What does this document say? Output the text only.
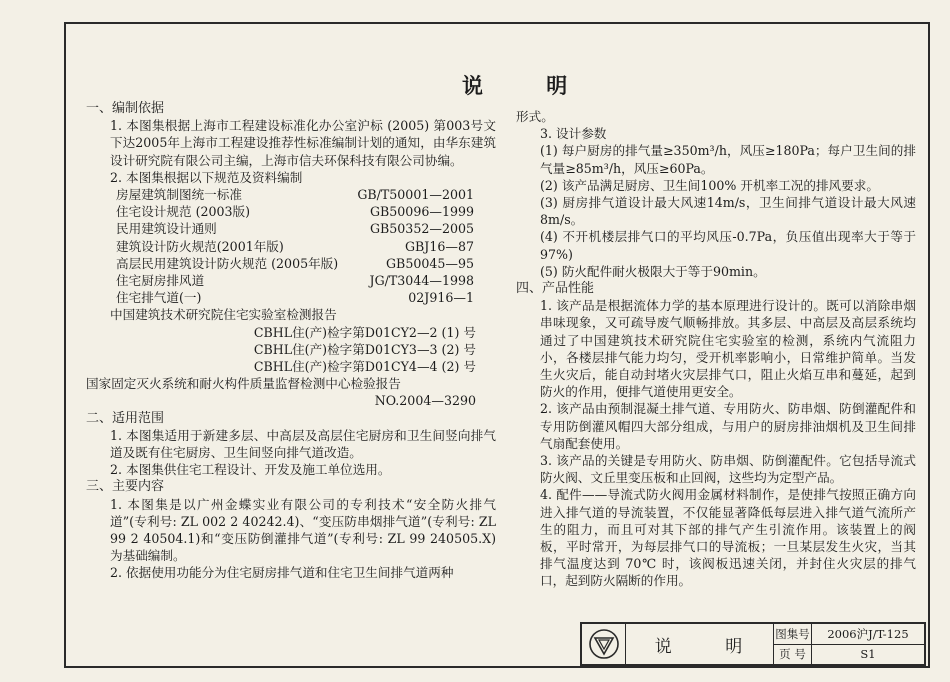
说 明
一、编制依据
1. 本图集根据上海市工程建设标准化办公室沪标 (2005) 第003号文下达2005年上海市工程建设推荐性标准编制计划的通知，由华东建筑设计研究院有限公司主编，上海市信夫环保科技有限公司协编。
2. 本图集根据以下规范及资料编制
房屋建筑制图统一标准	GB/T50001—2001
住宅设计规范 (2003版)	GB50096—1999
民用建筑设计通则	GB50352—2005
建筑设计防火规范(2001年版)	GBJ16—87
高层民用建筑设计防火规范 (2005年版)	GB50045—95
住宅厨房排风道	JG/T3044—1998
住宅排气道(一)	02J916—1
中国建筑技术研究院住宅实验室检测报告
CBHL住(产)检字第D01CY2—2 (1) 号
CBHL住(产)检字第D01CY3—3 (2) 号
CBHL住(产)检字第D01CY4—4 (2) 号
国家固定灭火系统和耐火构件质量监督检测中心检验报告
NO.2004—3290
二、适用范围
1. 本图集适用于新建多层、中高层及高层住宅厨房和卫生间竖向排气道及既有住宅厨房、卫生间竖向排气道改造。
2. 本图集供住宅工程设计、开发及施工单位选用。
三、主要内容
1. 本图集是以广州金蝶实业有限公司的专利技术“安全防火排气道”(专利号: ZL 002 2 40242.4)、“变压防串烟排气道”(专利号: ZL 99 2 40504.1)和“变压防倒灌排气道”(专利号: ZL 99 240505.X) 为基础编制。
2. 依据使用功能分为住宅厨房排气道和住宅卫生间排气道两种
形式。
3. 设计参数
(1) 每户厨房的排气量≥350m³/h，风压≥180Pa；每户卫生间的排气量≥85m³/h，风压≥60Pa。
(2) 该产品满足厨房、卫生间100% 开机率工况的排风要求。
(3) 厨房排气道设计最大风速14m/s，卫生间排气道设计最大风速8m/s。
(4) 不开机楼层排气口的平均风压-0.7Pa，负压值出现率大于等于97%)
(5) 防火配件耐火极限大于等于90min。
四、产品性能
1. 该产品是根据流体力学的基本原理进行设计的。既可以消除串烟串味现象，又可疏导废气顺畅排放。其多层、中高层及高层系统均通过了中国建筑技术研究院住宅实验室的检测，系统内气流阻力小，各楼层排气能力均匀，受开机率影响小，日常维护简单。当发生火灾后，能自动封堵火灾层排气口，阻止火焰互串和蔓延，起到防火的作用，便排气道使用更安全。
2. 该产品由预制混凝土排气道、专用防火、防串烟、防倒灌配件和专用防倒灌风帽四大部分组成，与用户的厨房排油烟机及卫生间排气扇配套使用。
3. 该产品的关键是专用防火、防串烟、防倒灌配件。它包括导流式防火阀、文丘里变压板和止回阀，这些均为定型产品。
4. 配件——导流式防火阀用金属材料制作，是使排气按照正确方向进入排气道的导流装置，不仅能显著降低每层进入排气道气流所产生的阻力，而且可对其下部的排气产生引流作用。该装置上的阀板，平时常开，为每层排气口的导流板；一旦某层发生火灾，当其排气温度达到 70℃ 时，该阀板迅速关闭，并封住火灾层的排气口，起到防火隔断的作用。
说 明
图集号	2006沪J/T-125
页 号	S1
